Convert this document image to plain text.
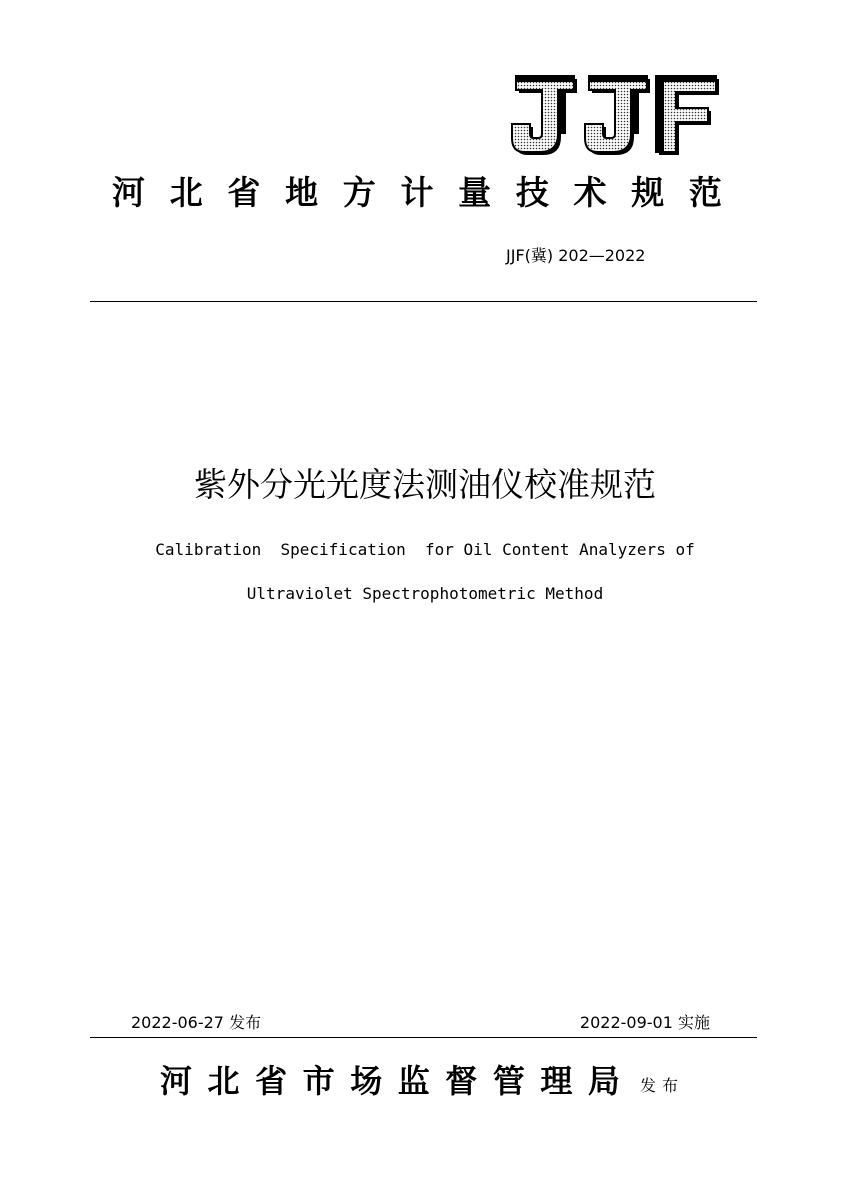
河 北 省 地 方 计 量 技 术 规 范
JJF(冀) 202—2022
紫外分光光度法测油仪校准规范
Calibration  Specification  for Oil Content Analyzers of
Ultraviolet Spectrophotometric Method
2022-06-27 发布	2022-09-01 实施
河 北 省 市 场 监 督 管 理 局 发布
